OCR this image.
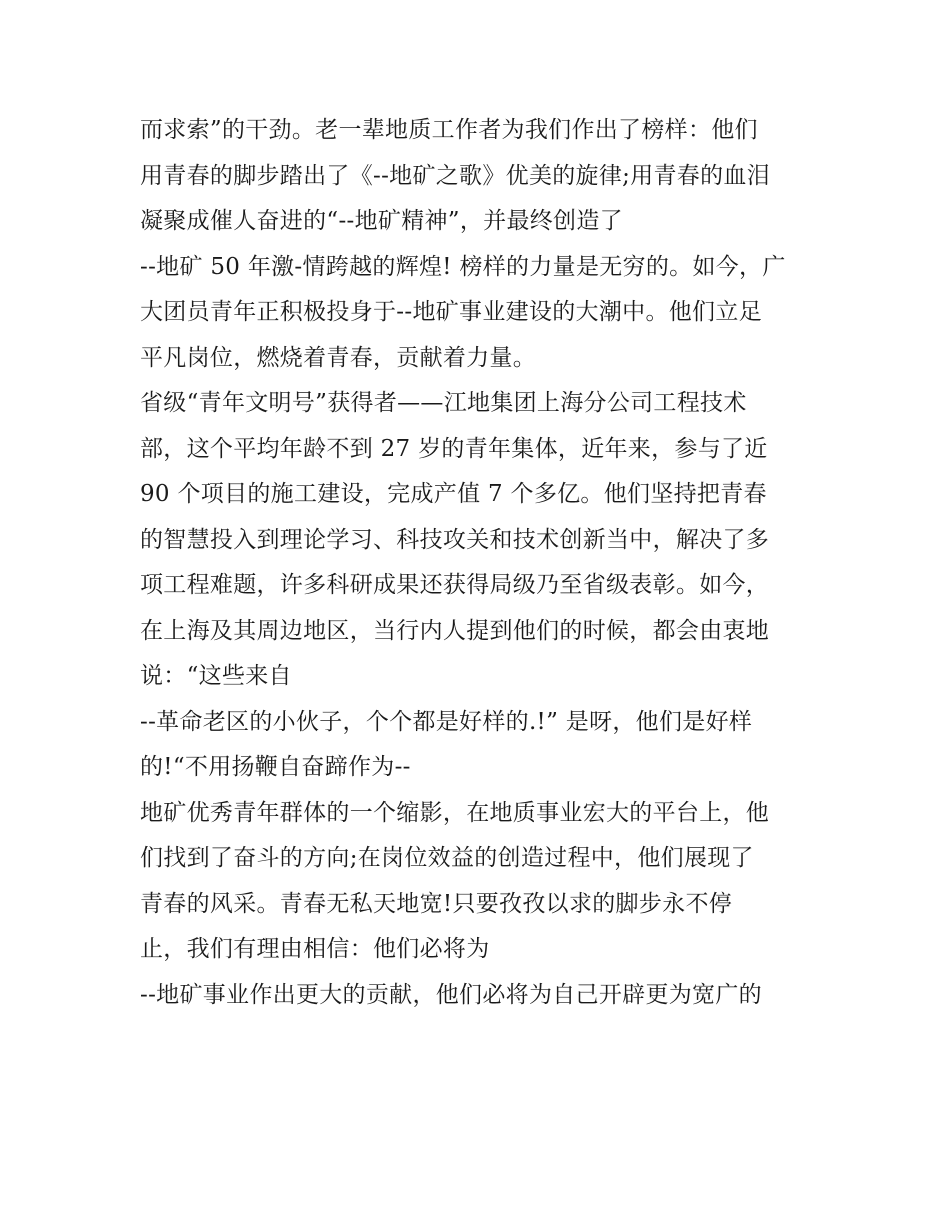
而求索”的干劲。老一辈地质工作者为我们作出了榜样：他们
用青春的脚步踏出了《--地矿之歌》优美的旋律;用青春的血泪
凝聚成催人奋进的“--地矿精神”，并最终创造了
--地矿 50 年激-情跨越的辉煌! 榜样的力量是无穷的。如今，广
大团员青年正积极投身于--地矿事业建设的大潮中。他们立足
平凡岗位，燃烧着青春，贡献着力量。
省级“青年文明号”获得者——江地集团上海分公司工程技术
部，这个平均年龄不到 27 岁的青年集体，近年来，参与了近
90 个项目的施工建设，完成产值 7 个多亿。他们坚持把青春
的智慧投入到理论学习、科技攻关和技术创新当中，解决了多
项工程难题，许多科研成果还获得局级乃至省级表彰。如今，
在上海及其周边地区，当行内人提到他们的时候，都会由衷地
说：“这些来自
--革命老区的小伙子，个个都是好样的.!” 是呀，他们是好样
的!“不用扬鞭自奋蹄作为--
地矿优秀青年群体的一个缩影，在地质事业宏大的平台上，他
们找到了奋斗的方向;在岗位效益的创造过程中，他们展现了
青春的风采。青春无私天地宽!只要孜孜以求的脚步永不停
止，我们有理由相信：他们必将为
--地矿事业作出更大的贡献，他们必将为自己开辟更为宽广的
